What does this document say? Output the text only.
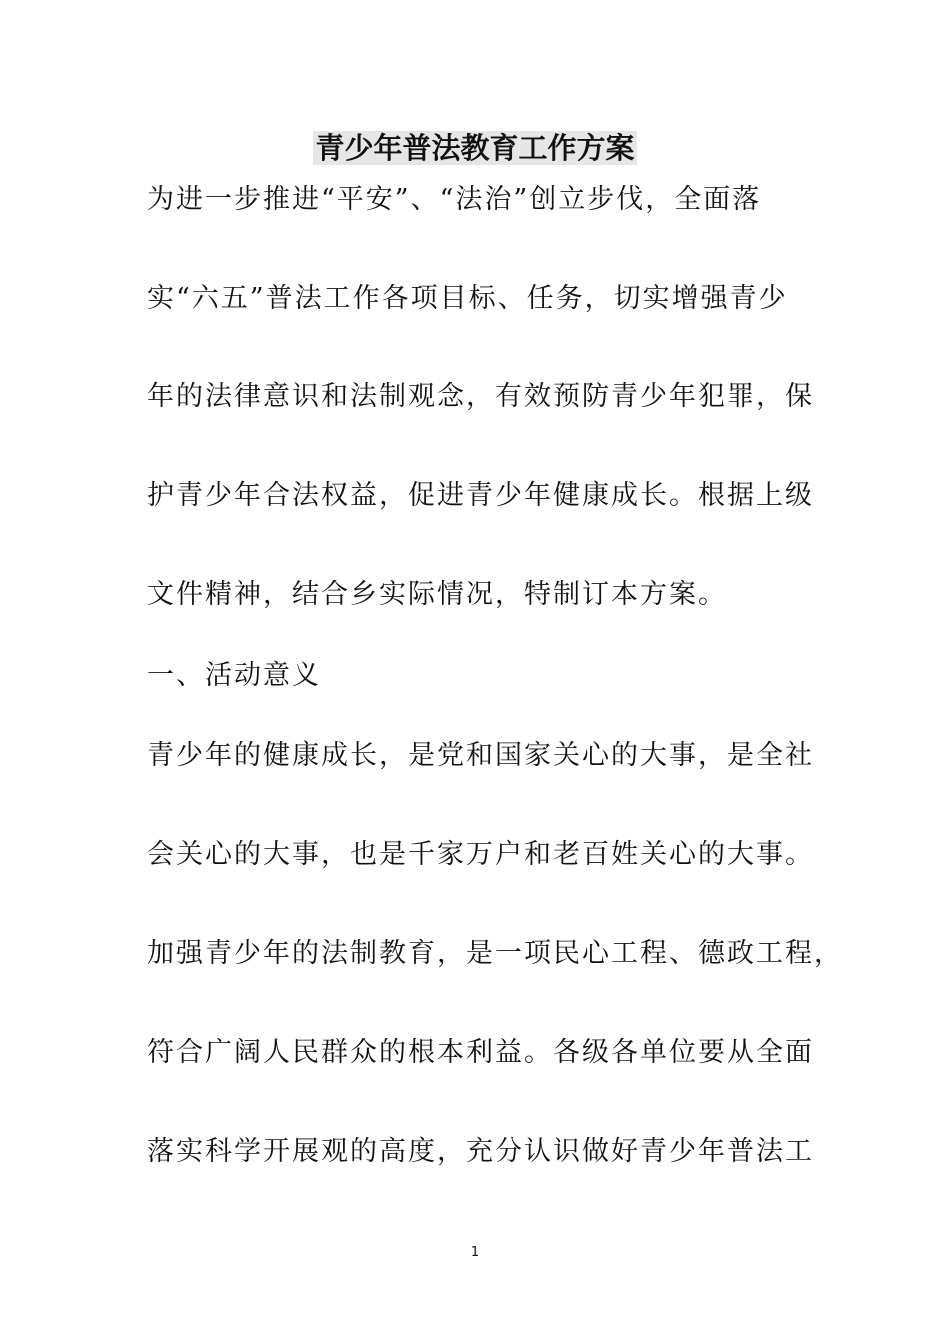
青少年普法教育工作方案
为进一步推进“平安”、“法治”创立步伐，全面落
实“六五”普法工作各项目标、任务，切实增强青少
年的法律意识和法制观念，有效预防青少年犯罪，保
护青少年合法权益，促进青少年健康成长。根据上级
文件精神，结合乡实际情况，特制订本方案。
一、活动意义
青少年的健康成长，是党和国家关心的大事，是全社
会关心的大事，也是千家万户和老百姓关心的大事。
加强青少年的法制教育，是一项民心工程、德政工程，
符合广阔人民群众的根本利益。各级各单位要从全面
落实科学开展观的高度，充分认识做好青少年普法工
1
